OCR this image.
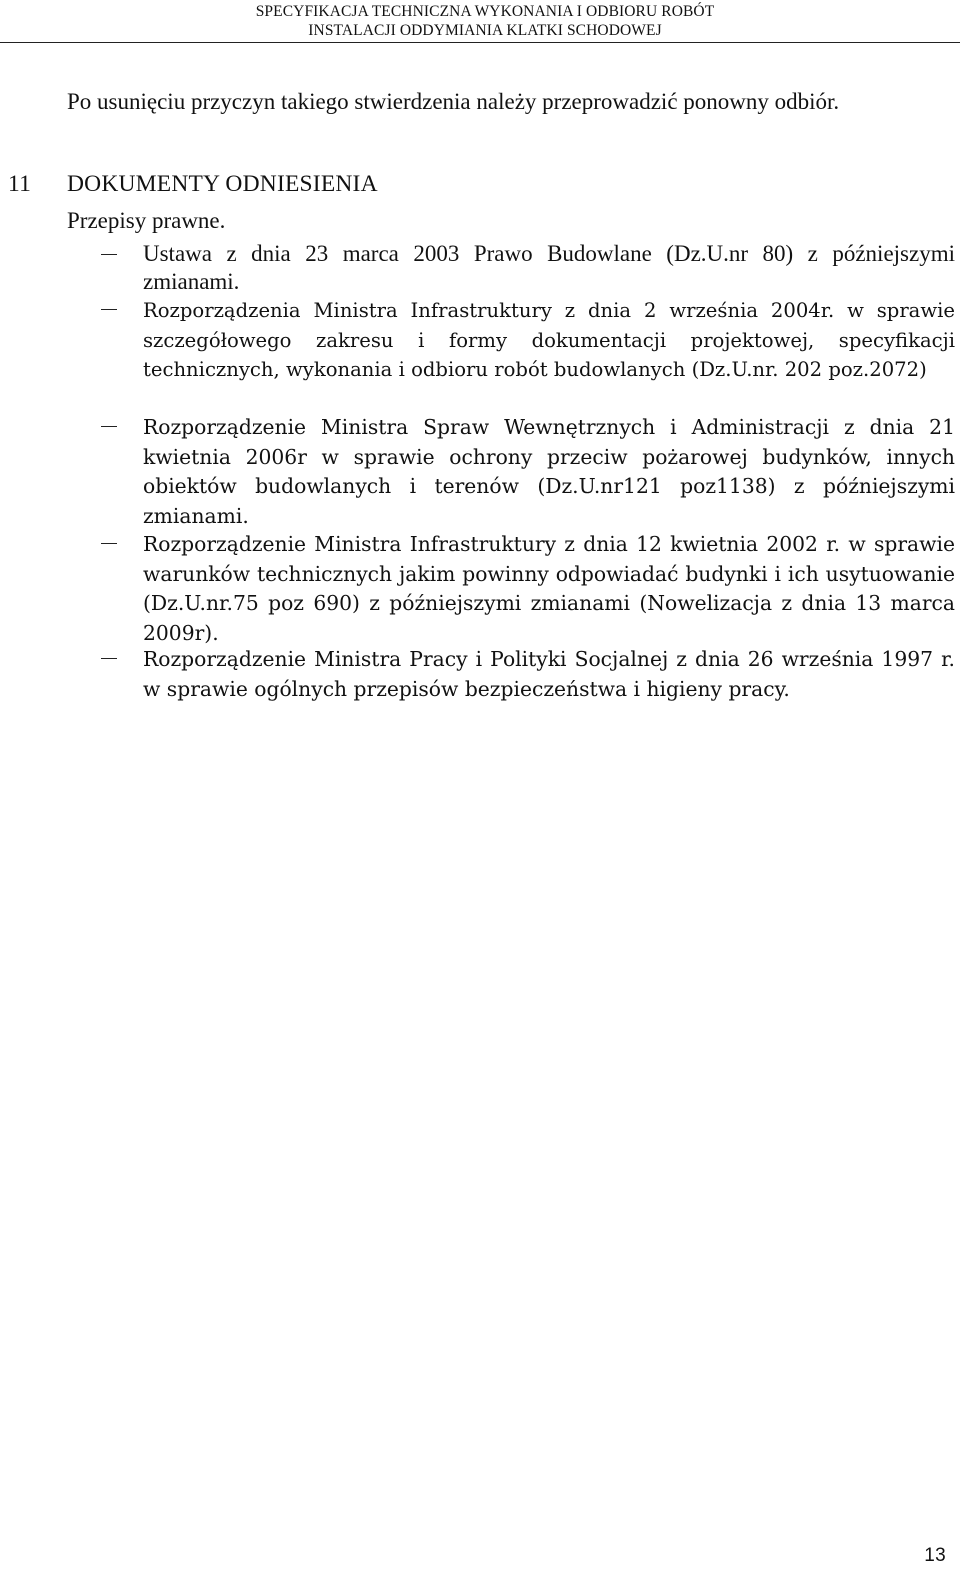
SPECYFIKACJA TECHNICZNA WYKONANIA I ODBIORU ROBÓT
INSTALACJI ODDYMIANIA KLATKI SCHODOWEJ
Po usunięciu przyczyn takiego stwierdzenia należy przeprowadzić ponowny odbiór.
11 DOKUMENTY ODNIESIENIA
Przepisy prawne.
Ustawa z dnia 23 marca 2003 Prawo Budowlane (Dz.U.nr 80) z późniejszymi zmianami.
Rozporządzenia Ministra Infrastruktury z dnia 2 września 2004r. w sprawie szczegółowego zakresu i formy dokumentacji projektowej, specyfikacji technicznych, wykonania i odbioru robót budowlanych (Dz.U.nr. 202 poz.2072)
Rozporządzenie Ministra Spraw Wewnętrznych i Administracji z dnia 21 kwietnia 2006r w sprawie ochrony przeciw pożarowej budynków, innych obiektów budowlanych i terenów (Dz.U.nr121 poz1138) z późniejszymi zmianami.
Rozporządzenie Ministra Infrastruktury z dnia 12 kwietnia 2002 r. w sprawie warunków technicznych jakim powinny odpowiadać budynki i ich usytuowanie (Dz.U.nr.75 poz 690) z późniejszymi zmianami (Nowelizacja z dnia 13 marca 2009r).
Rozporządzenie Ministra Pracy i Polityki Socjalnej z dnia 26 września 1997 r. w sprawie ogólnych przepisów bezpieczeństwa i higieny pracy.
13
